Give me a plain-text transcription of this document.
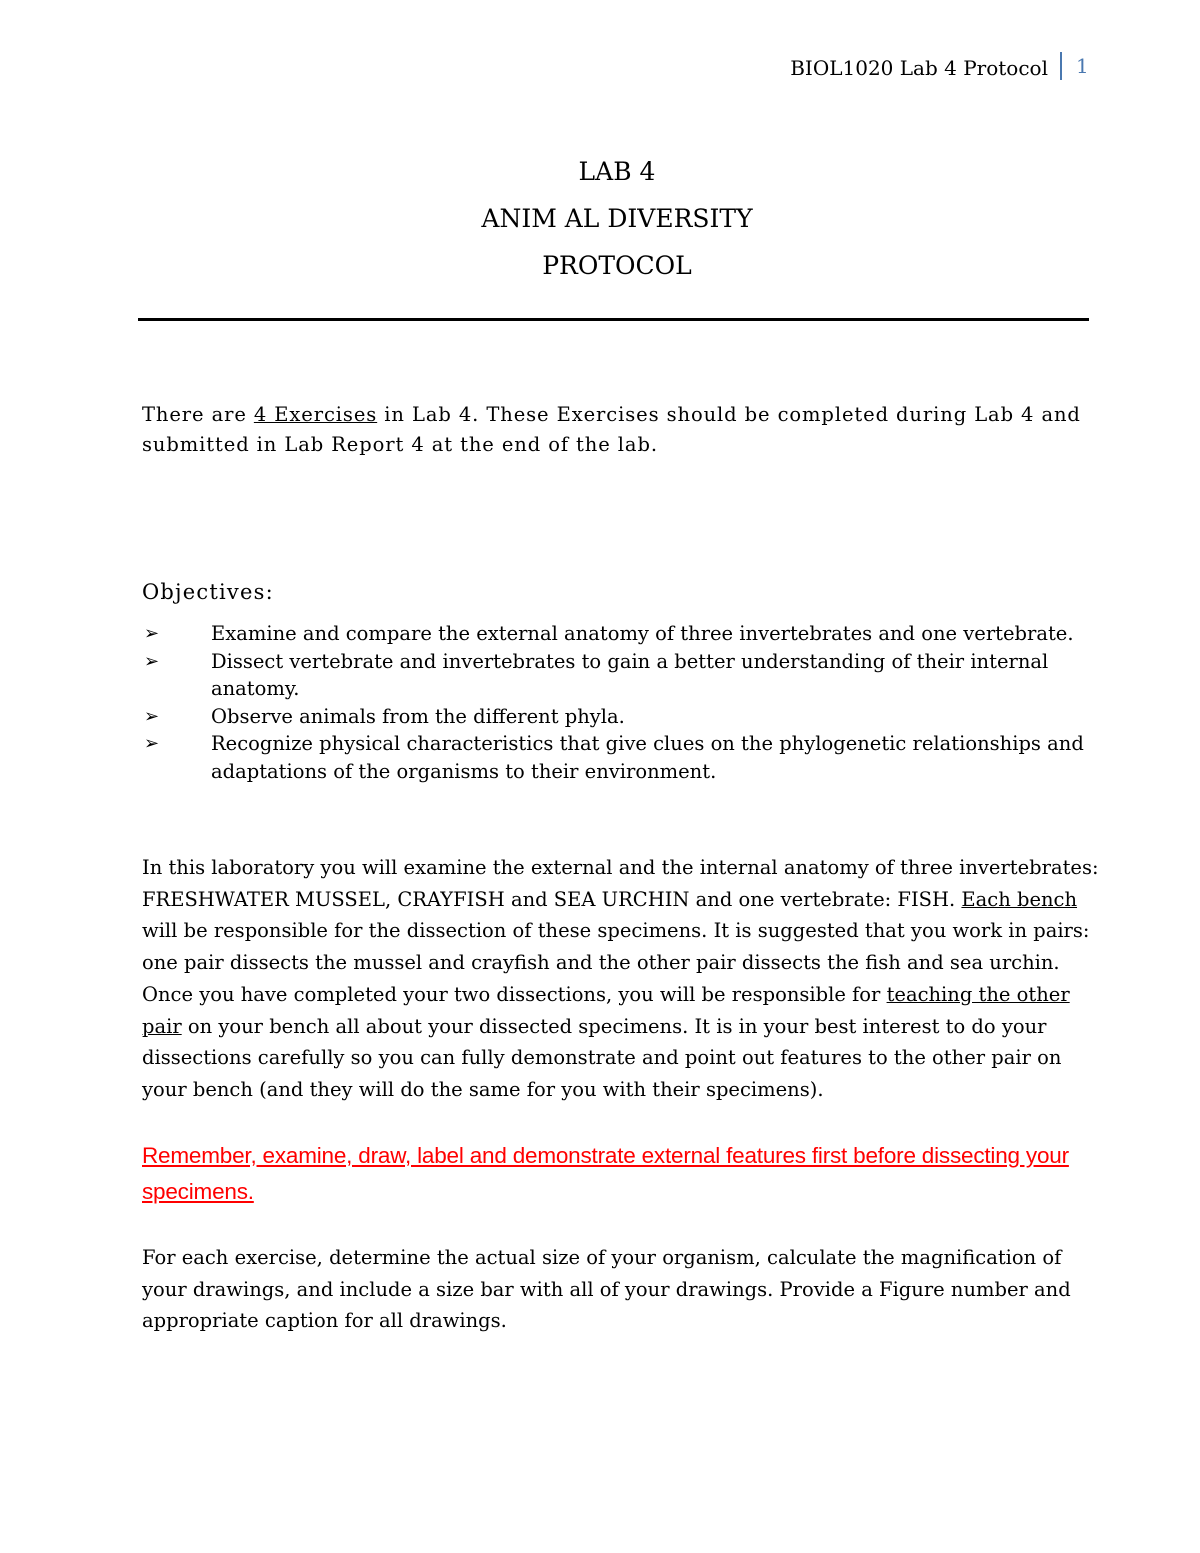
BIOL1020 Lab 4 Protocol	1
LAB 4
ANIM AL DIVERSITY
PROTOCOL
There are 4 Exercises in Lab 4. These Exercises should be completed during Lab 4 and submitted in Lab Report 4 at the end of the lab.
Objectives:
➢	Examine and compare the external anatomy of three invertebrates and one vertebrate.
➢	Dissect vertebrate and invertebrates to gain a better understanding of their internal anatomy.
➢	Observe animals from the different phyla.
➢	Recognize physical characteristics that give clues on the phylogenetic relationships and adaptations of the organisms to their environment.
In this laboratory you will examine the external and the internal anatomy of three invertebrates: FRESHWATER MUSSEL, CRAYFISH and SEA URCHIN and one vertebrate: FISH. Each bench will be responsible for the dissection of these specimens. It is suggested that you work in pairs: one pair dissects the mussel and crayfish and the other pair dissects the fish and sea urchin. Once you have completed your two dissections, you will be responsible for teaching the other pair on your bench all about your dissected specimens. It is in your best interest to do your dissections carefully so you can fully demonstrate and point out features to the other pair on your bench (and they will do the same for you with their specimens).
Remember, examine, draw, label and demonstrate external features first before dissecting your specimens.
For each exercise, determine the actual size of your organism, calculate the magnification of your drawings, and include a size bar with all of your drawings. Provide a Figure number and appropriate caption for all drawings.
